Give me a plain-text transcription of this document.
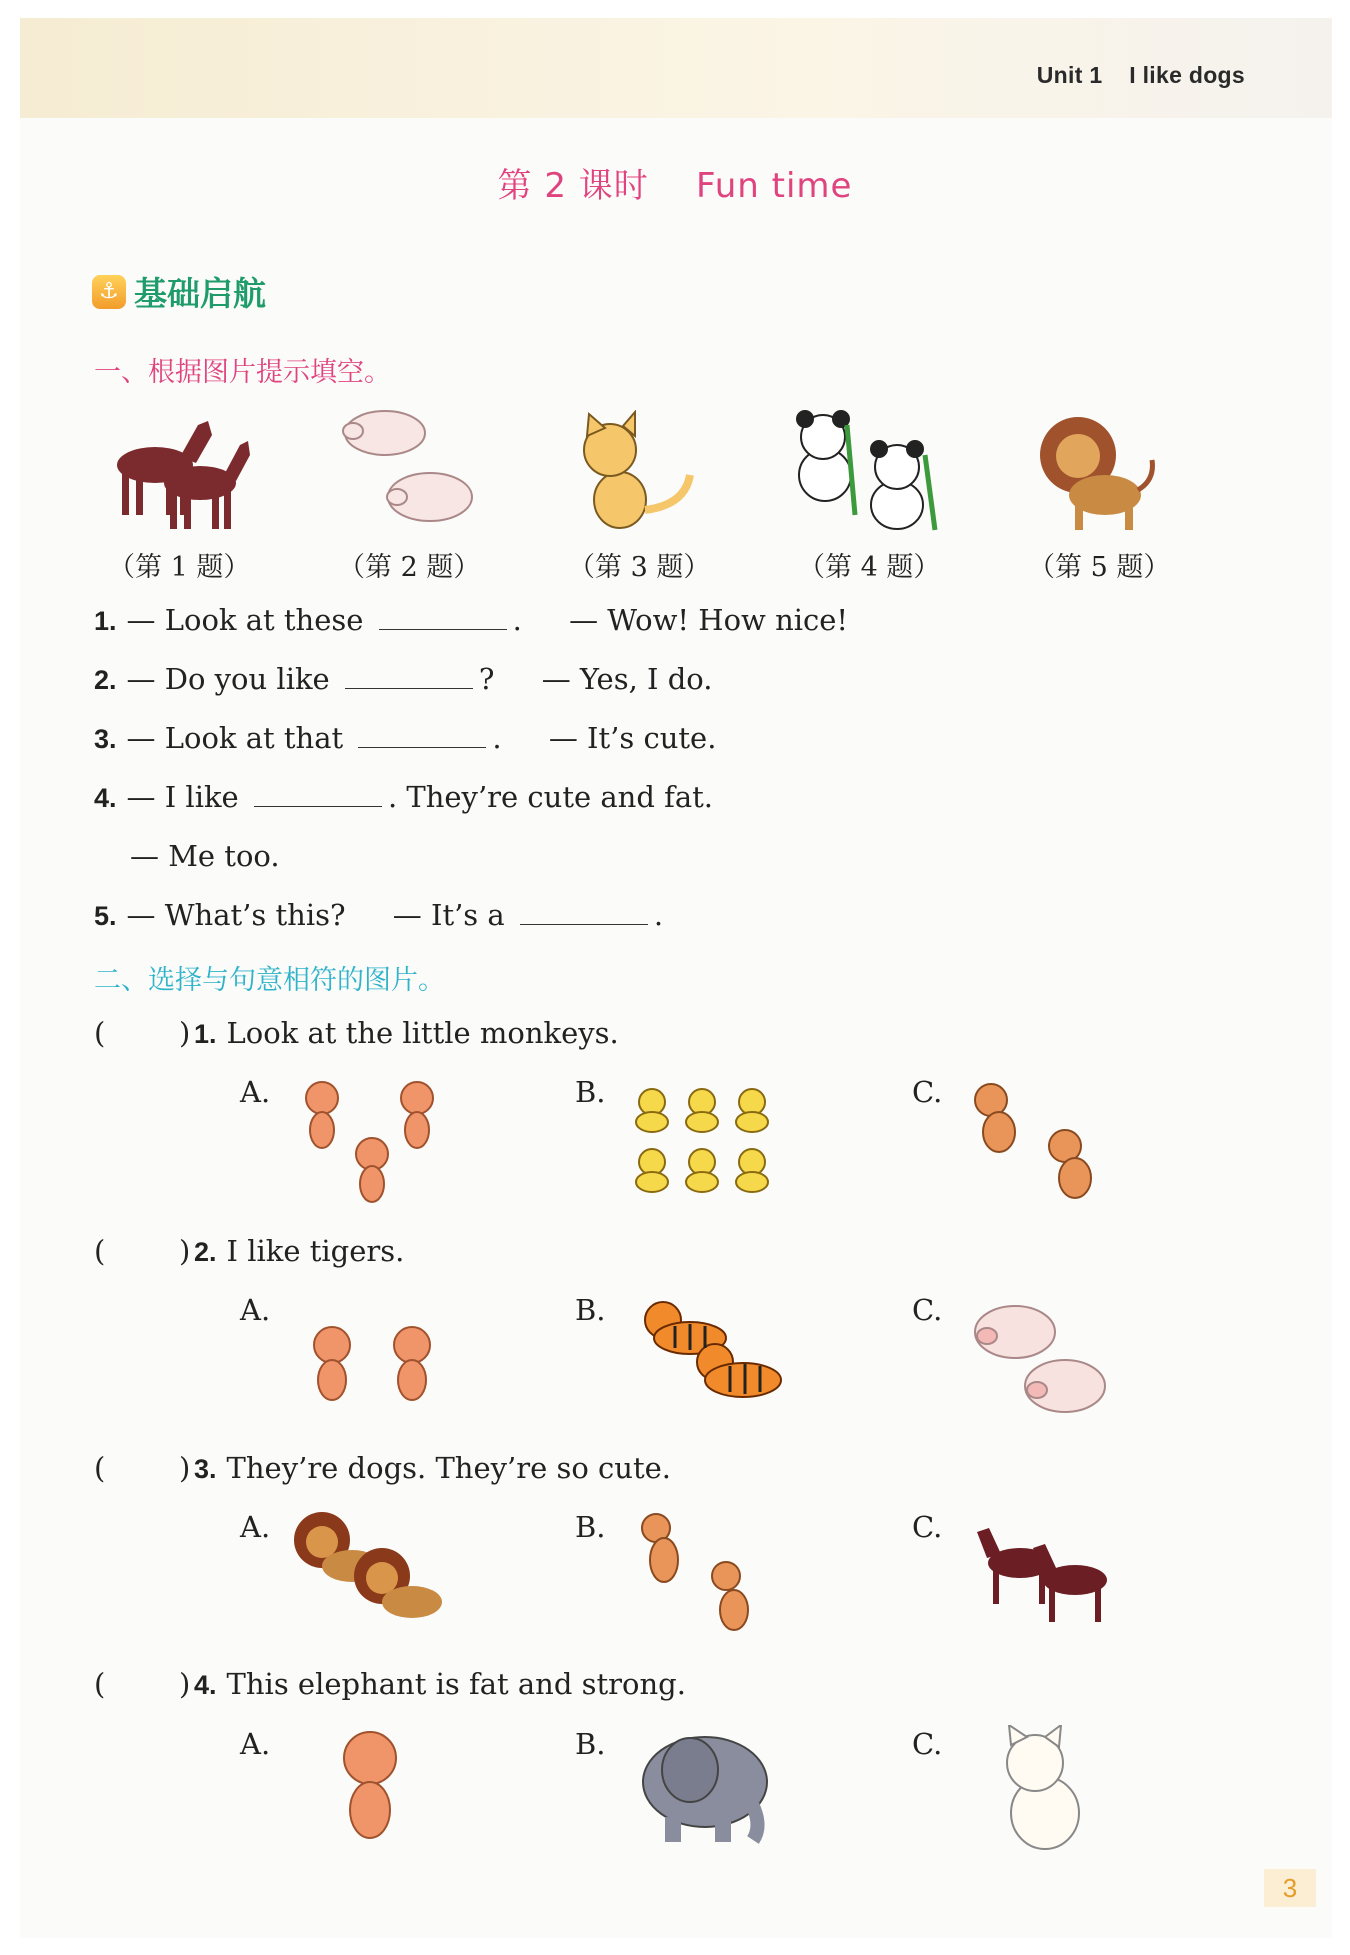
Unit 1    I like dogs
第 2 课时    Fun time
⚓ 基础启航
一、根据图片提示填空。
（第 1 题）	（第 2 题）	（第 3 题）	（第 4 题）	（第 5 题）
1. — Look at these	. — Wow! How nice!
2. — Do you like	? — Yes, I do.
3. — Look at that	. — It’s cute.
4. — I like	. They’re cute and fat.
— Me too.
5. — What’s this? — It’s a	.
二、选择与句意相符的图片。
(        ) 1. Look at the little monkeys.
(        ) 2. I like tigers.
(        ) 3. They’re dogs. They’re so cute.
(        ) 4. This elephant is fat and strong.
A.	B.	C.
A.	B.	C.
A.	B.	C.
A.	B.	C.
3
